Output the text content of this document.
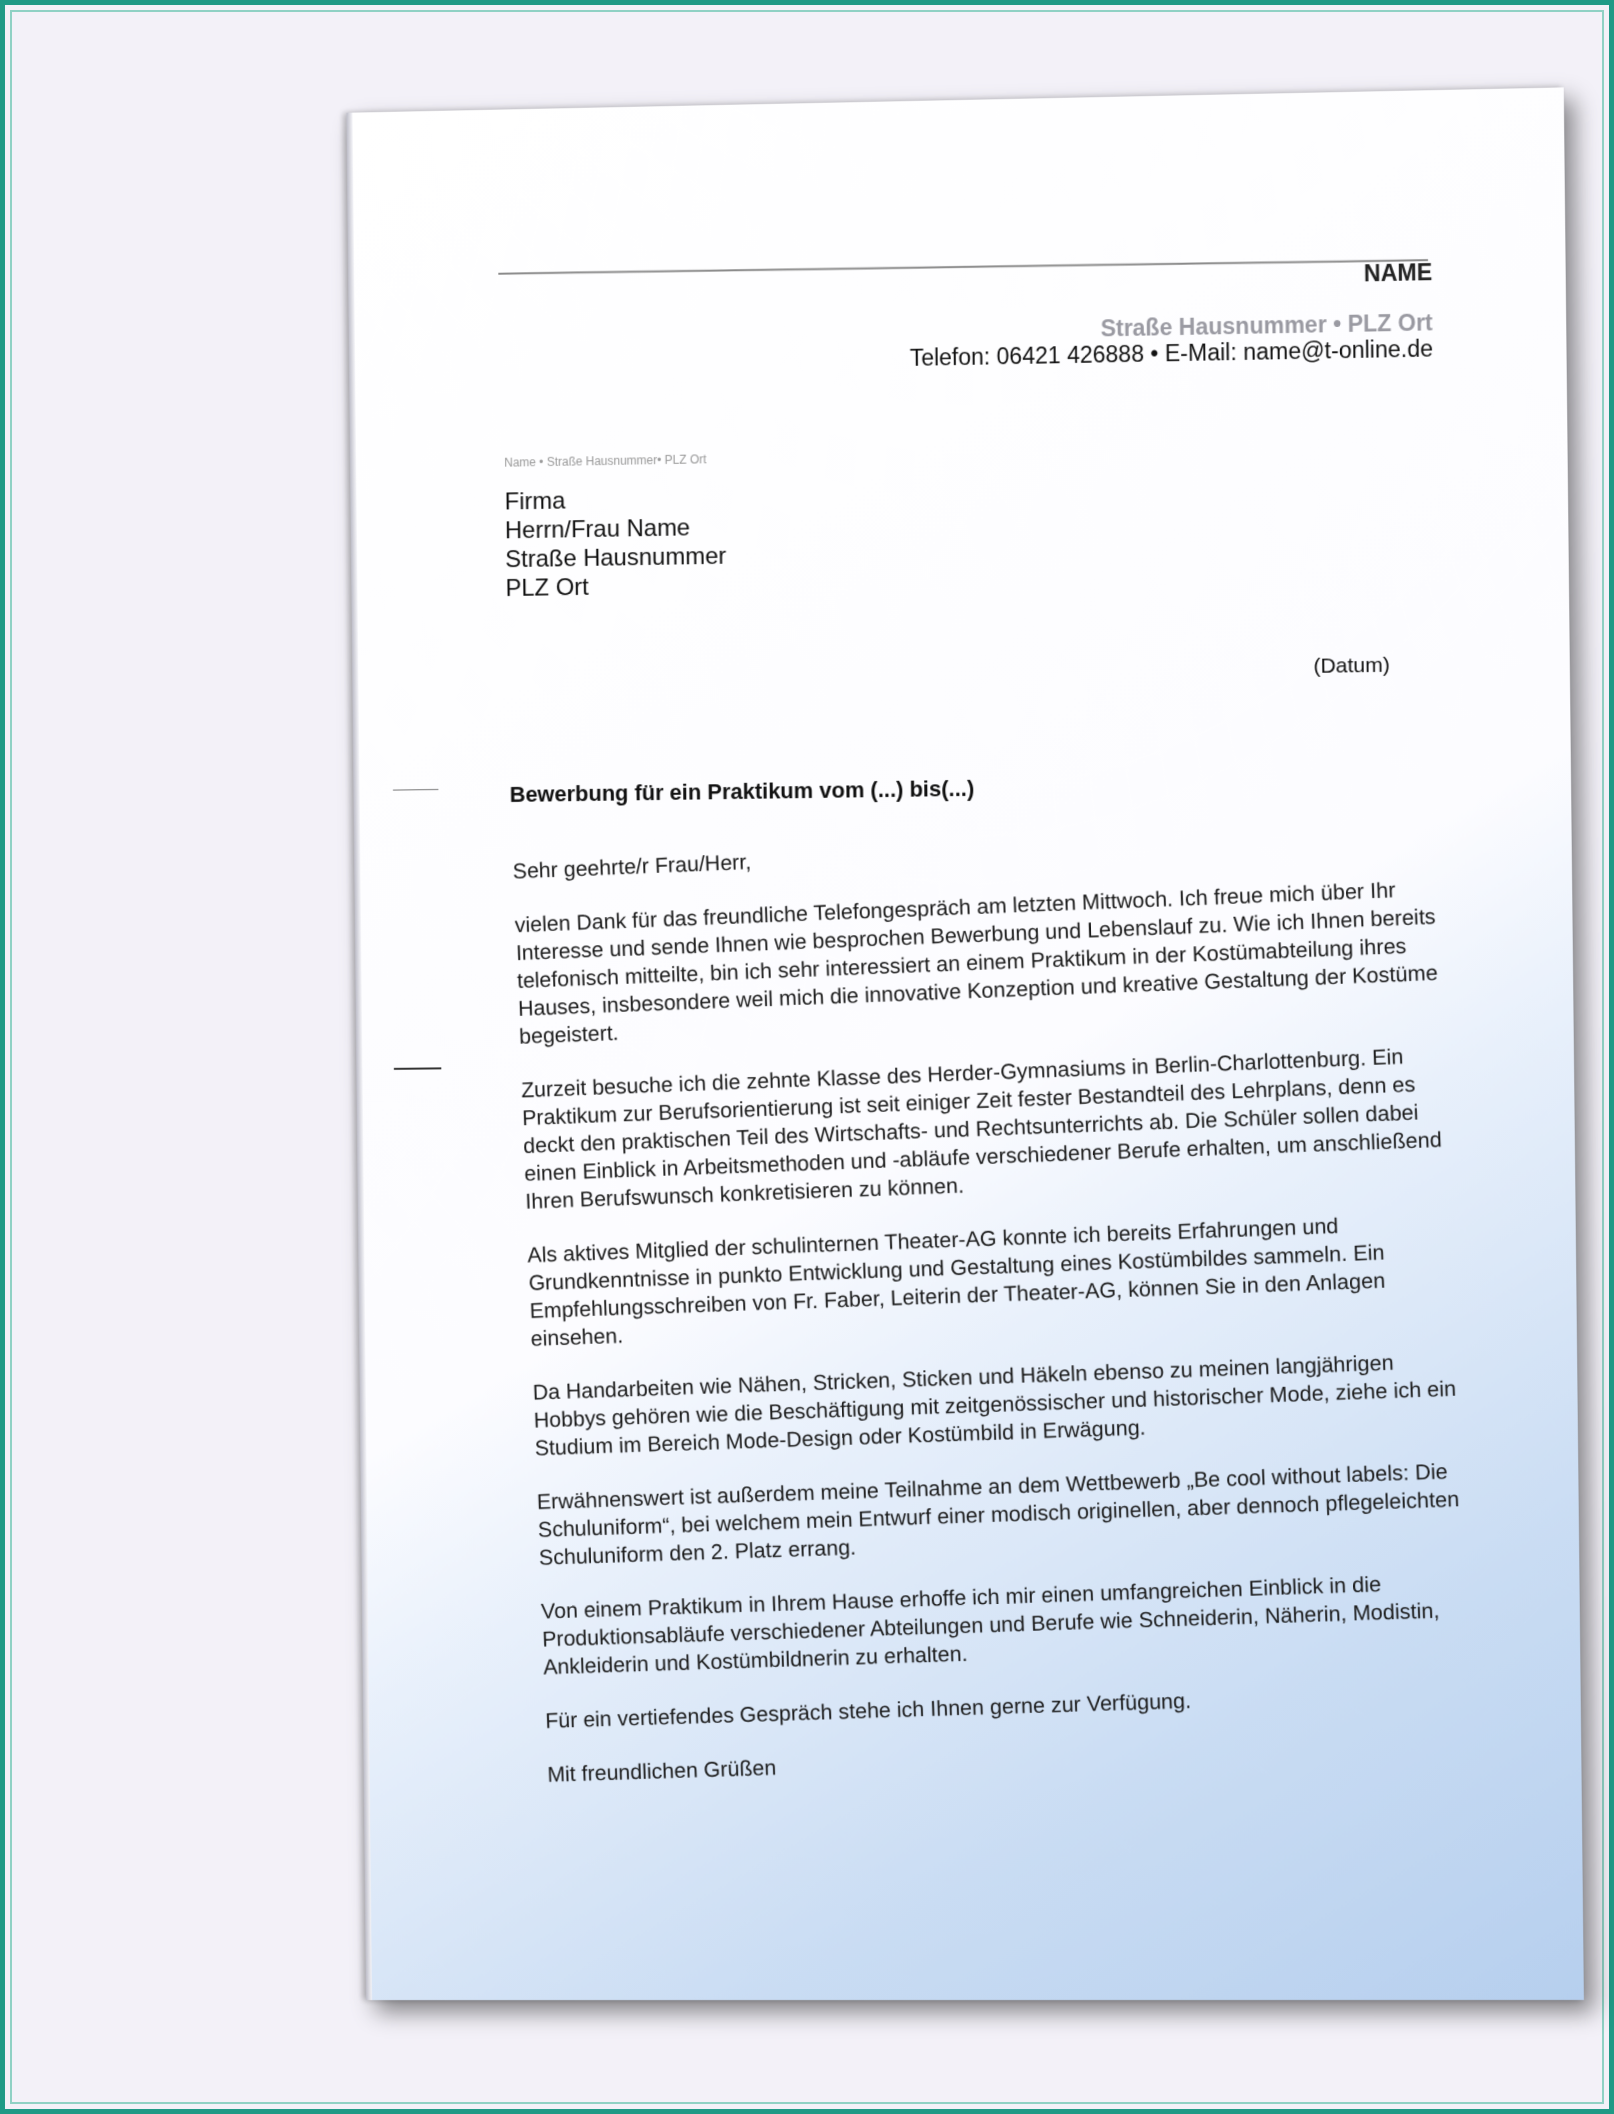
NAME
Straße Hausnummer • PLZ Ort
Telefon: 06421 426888 • E-Mail: name@t-online.de
Name • Straße Hausnummer• PLZ Ort
Firma
Herrn/Frau Name
Straße Hausnummer
PLZ Ort
(Datum)
Bewerbung für ein Praktikum vom (...) bis(...)

Sehr geehrte/r Frau/Herr,

vielen Dank für das freundliche Telefongespräch am letzten Mittwoch. Ich freue mich über Ihr Interesse und sende Ihnen wie besprochen Bewerbung und Lebenslauf zu. Wie ich Ihnen bereits telefonisch mitteilte, bin ich sehr interessiert an einem Praktikum in der Kostümabteilung ihres Hauses, insbesondere weil mich die innovative Konzeption und kreative Gestaltung der Kostüme begeistert.

Zurzeit besuche ich die zehnte Klasse des Herder-Gymnasiums in Berlin-Charlottenburg. Ein Praktikum zur Berufsorientierung ist seit einiger Zeit fester Bestandteil des Lehrplans, denn es deckt den praktischen Teil des Wirtschafts- und Rechtsunterrichts ab. Die Schüler sollen dabei einen Einblick in Arbeitsmethoden und -abläufe verschiedener Berufe erhalten, um anschließend Ihren Berufswunsch konkretisieren zu können.

Als aktives Mitglied der schulinternen Theater-AG konnte ich bereits Erfahrungen und Grundkenntnisse in punkto Entwicklung und Gestaltung eines Kostümbildes sammeln. Ein Empfehlungsschreiben von Fr. Faber, Leiterin der Theater-AG, können Sie in den Anlagen einsehen.

Da Handarbeiten wie Nähen, Stricken, Sticken und Häkeln ebenso zu meinen langjährigen Hobbys gehören wie die Beschäftigung mit zeitgenössischer und historischer Mode, ziehe ich ein Studium im Bereich Mode-Design oder Kostümbild in Erwägung.

Erwähnenswert ist außerdem meine Teilnahme an dem Wettbewerb „Be cool without labels: Die Schuluniform“, bei welchem mein Entwurf einer modisch originellen, aber dennoch pflegeleichten Schuluniform den 2. Platz errang.

Von einem Praktikum in Ihrem Hause erhoffe ich mir einen umfangreichen Einblick in die Produktionsabläufe verschiedener Abteilungen und Berufe wie Schneiderin, Näherin, Modistin, Ankleiderin und Kostümbildnerin zu erhalten.

Für ein vertiefendes Gespräch stehe ich Ihnen gerne zur Verfügung.

Mit freundlichen Grüßen
